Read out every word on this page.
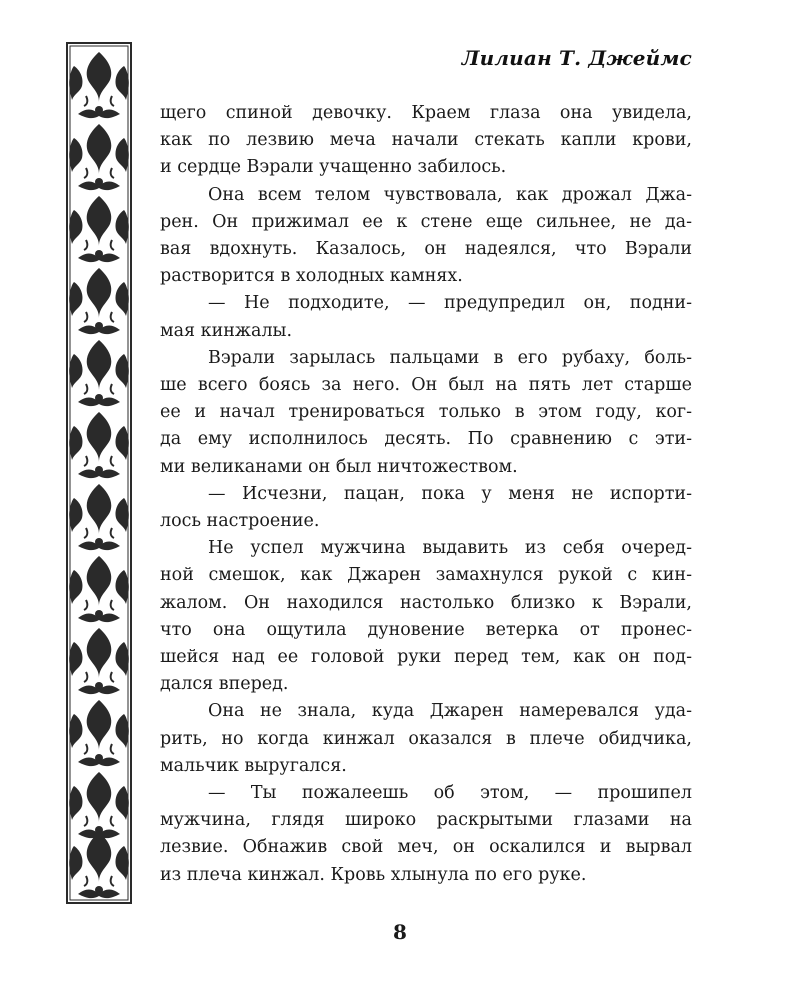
Лилиан Т. Джеймс
щего спиной девочку. Краем глаза она увидела,
как по лезвию меча начали стекать капли крови,
и сердце Вэрали учащенно забилось.
Она всем телом чувствовала, как дрожал Джа-
рен. Он прижимал ее к стене еще сильнее, не да-
вая вдохнуть. Казалось, он надеялся, что Вэрали
растворится в холодных камнях.
— Не подходите, — предупредил он, подни-
мая кинжалы.
Вэрали зарылась пальцами в его рубаху, боль-
ше всего боясь за него. Он был на пять лет старше
ее и начал тренироваться только в этом году, ког-
да ему исполнилось десять. По сравнению с эти-
ми великанами он был ничтожеством.
— Исчезни, пацан, пока у меня не испорти-
лось настроение.
Не успел мужчина выдавить из себя очеред-
ной смешок, как Джарен замахнулся рукой с кин-
жалом. Он находился настолько близко к Вэрали,
что она ощутила дуновение ветерка от пронес-
шейся над ее головой руки перед тем, как он под-
дался вперед.
Она не знала, куда Джарен намеревался уда-
рить, но когда кинжал оказался в плече обидчика,
мальчик выругался.
— Ты пожалеешь об этом, — прошипел
мужчина, глядя широко раскрытыми глазами на
лезвие. Обнажив свой меч, он оскалился и вырвал
из плеча кинжал. Кровь хлынула по его руке.
8
